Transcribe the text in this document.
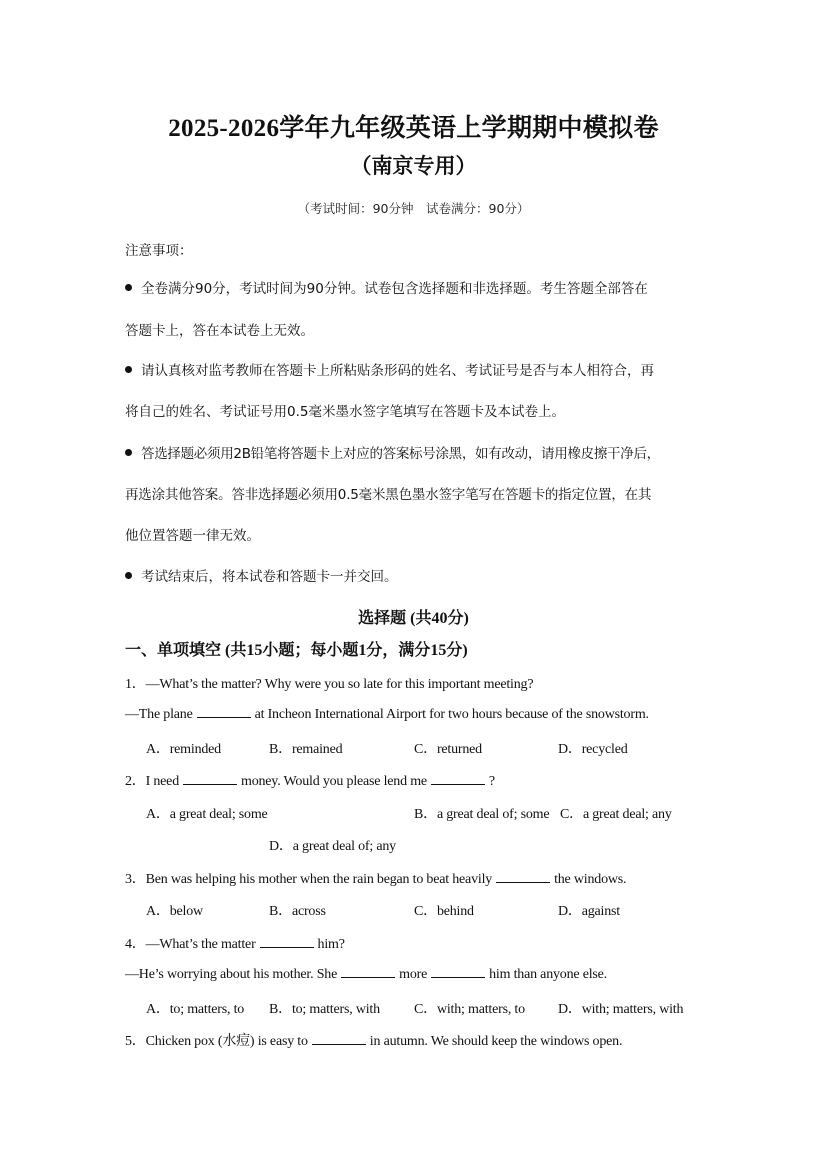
2025-2026学年九年级英语上学期期中模拟卷
（南京专用）
（考试时间：90分钟　试卷满分：90分）
注意事项：
全卷满分90分，考试时间为90分钟。试卷包含选择题和非选择题。考生答题全部答在
答题卡上，答在本试卷上无效。
请认真核对监考教师在答题卡上所粘贴条形码的姓名、考试证号是否与本人相符合，再
将自己的姓名、考试证号用0.5毫米墨水签字笔填写在答题卡及本试卷上。
答选择题必须用2B铅笔将答题卡上对应的答案标号涂黑，如有改动，请用橡皮擦干净后，
再选涂其他答案。答非选择题必须用0.5毫米黑色墨水签字笔写在答题卡的指定位置，在其
他位置答题一律无效。
考试结束后，将本试卷和答题卡一并交回。
选择题 (共40分)
一、单项填空 (共15小题；每小题1分，满分15分)
1．—What’s the matter? Why were you so late for this important meeting?
—The plane	at Incheon International Airport for two hours because of the snowstorm.
A．reminded	B．remained	C．returned	D．recycled
2．I need	money. Would you please lend me	?
A．a great deal; some	B．a great deal of; some C．a great deal; any
D．a great deal of; any
3．Ben was helping his mother when the rain began to beat heavily	the windows.
A．below	B．across	C．behind	D．against
4．—What’s the matter	him?
—He’s worrying about his mother. She	more	him than anyone else.
A．to; matters, to B．to; matters, with C．with; matters, to D．with; matters, with
5．Chicken pox (水痘) is easy to	in autumn. We should keep the windows open.
